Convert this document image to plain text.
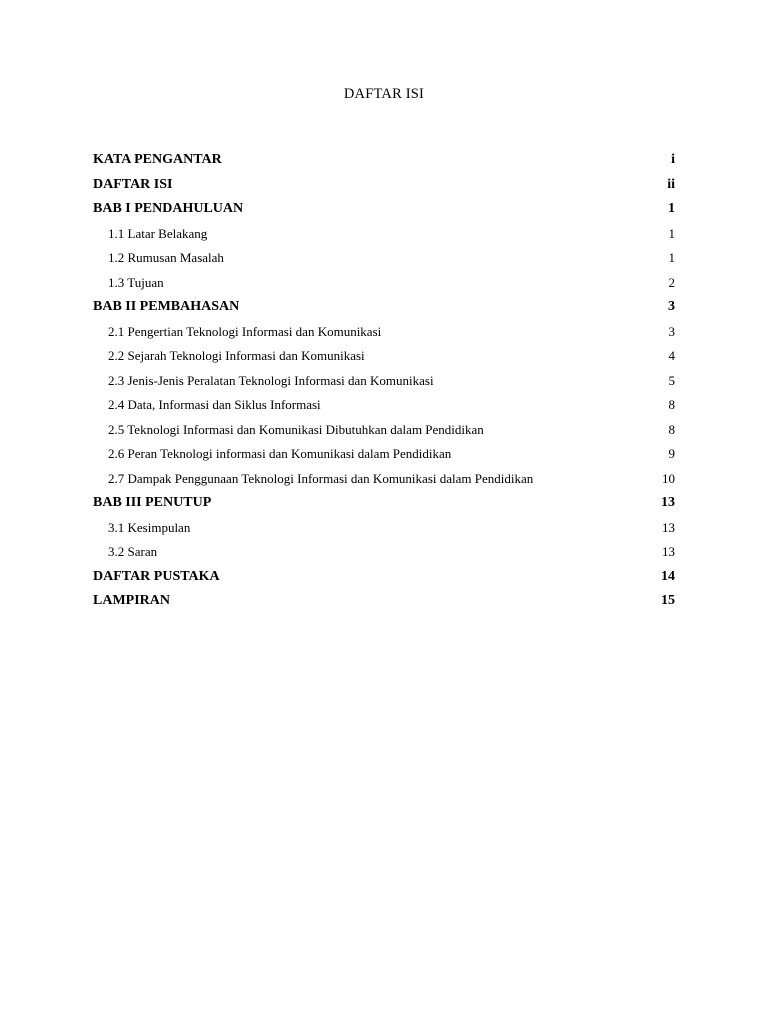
DAFTAR ISI
KATA PENGANTAR	i
DAFTAR ISI	ii
BAB I PENDAHULUAN	1
1.1 Latar Belakang	1
1.2 Rumusan Masalah	1
1.3 Tujuan	2
BAB II PEMBAHASAN	3
2.1 Pengertian Teknologi Informasi dan Komunikasi	3
2.2 Sejarah Teknologi Informasi dan Komunikasi	4
2.3 Jenis-Jenis Peralatan Teknologi Informasi dan Komunikasi	5
2.4 Data, Informasi dan Siklus Informasi	8
2.5 Teknologi Informasi dan Komunikasi Dibutuhkan dalam Pendidikan	8
2.6 Peran Teknologi informasi dan Komunikasi dalam Pendidikan	9
2.7 Dampak Penggunaan Teknologi Informasi dan Komunikasi dalam Pendidikan	10
BAB III PENUTUP	13
3.1 Kesimpulan	13
3.2 Saran	13
DAFTAR PUSTAKA	14
LAMPIRAN	15
